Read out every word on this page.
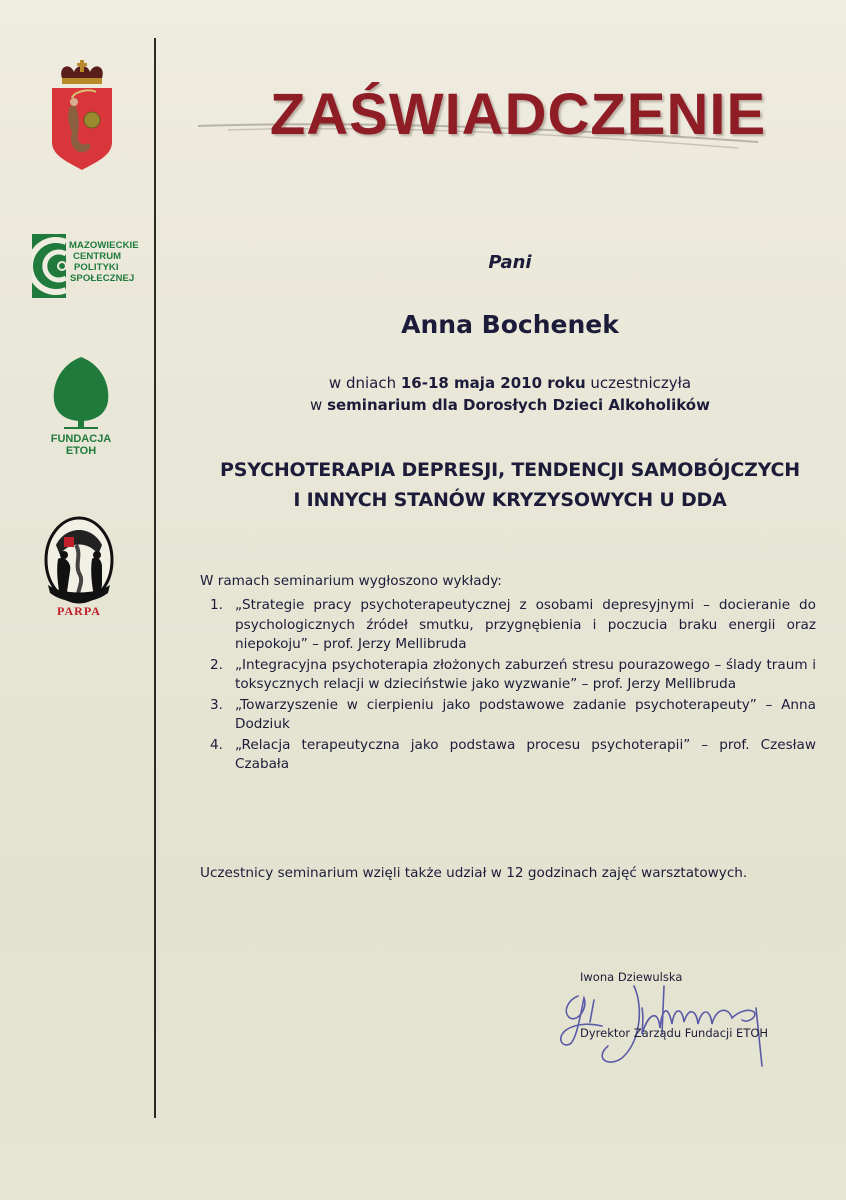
MAZOWIECKIE
CENTRUM
POLITYKI
SPOŁECZNEJ
FUNDACJA
ETOH
PARPA
ZAŚWIADCZENIE
Pani
Anna Bochenek
w dniach 16-18 maja 2010 roku uczestniczyła
w seminarium dla Dorosłych Dzieci Alkoholików
PSYCHOTERAPIA DEPRESJI, TENDENCJI SAMOBÓJCZYCH
I INNYCH STANÓW KRYZYSOWYCH U DDA
W ramach seminarium wygłoszono wykłady:
1. „Strategie pracy psychoterapeutycznej z osobami depresyjnymi – docieranie do psychologicznych źródeł smutku, przygnębienia i poczucia braku energii oraz niepokoju” – prof. Jerzy Mellibruda
2. „Integracyjna psychoterapia złożonych zaburzeń stresu pourazowego – ślady traum i toksycznych relacji w dzieciństwie jako wyzwanie” – prof. Jerzy Mellibruda
3. „Towarzyszenie w cierpieniu jako podstawowe zadanie psychoterapeuty” – Anna Dodziuk
4. „Relacja terapeutyczna jako podstawa procesu psychoterapii” – prof. Czesław Czabała
Uczestnicy seminarium wzięli także udział w 12 godzinach zajęć warsztatowych.
Iwona Dziewulska
Dyrektor Zarządu Fundacji ETOH
